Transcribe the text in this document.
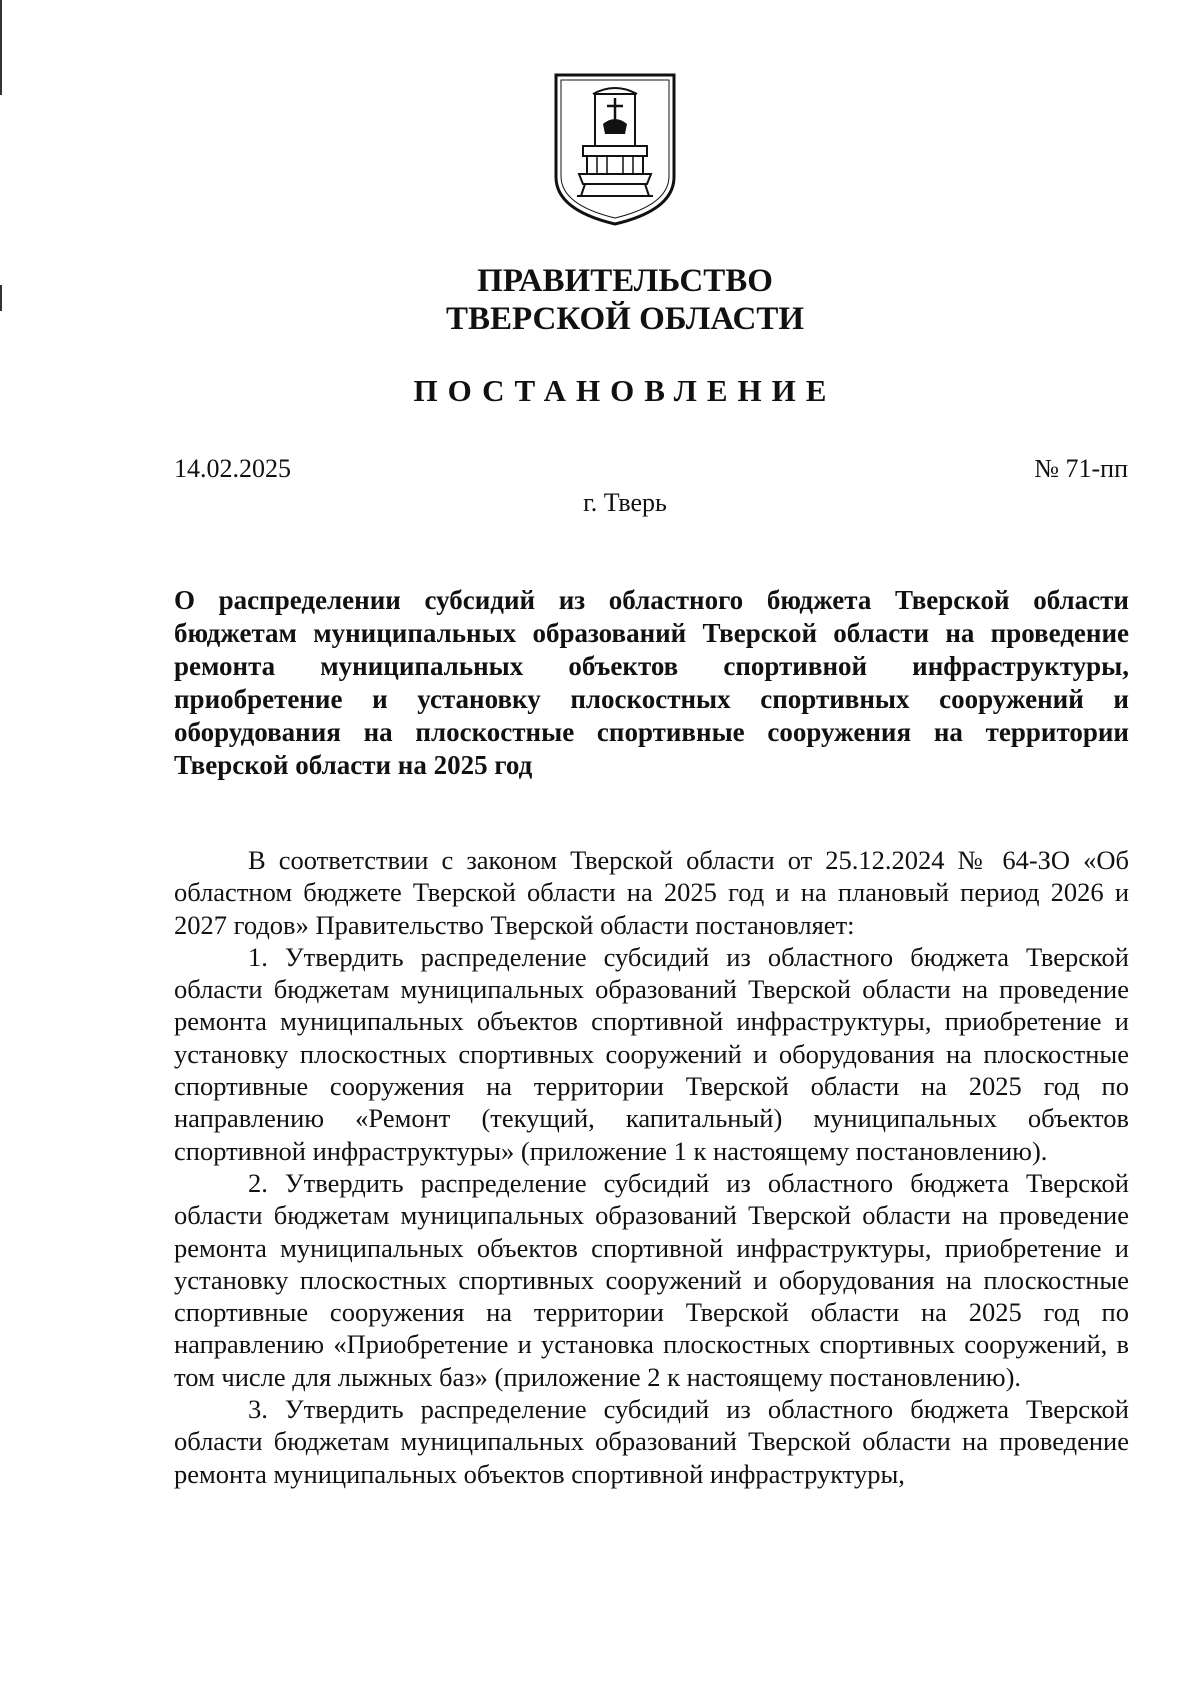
ПРАВИТЕЛЬСТВО
ТВЕРСКОЙ ОБЛАСТИ
ПОСТАНОВЛЕНИЕ
14.02.2025	№ 71-пп
г. Тверь
О распределении субсидий из областного бюджета Тверской области бюджетам муниципальных образований Тверской области на проведение ремонта муниципальных объектов спортивной инфраструктуры, приобретение и установку плоскостных спортивных сооружений и оборудования на плоскостные спортивные сооружения на территории Тверской области на 2025 год

В соответствии с законом Тверской области от 25.12.2024 № 64-ЗО «Об областном бюджете Тверской области на 2025 год и на плановый период 2026 и 2027 годов» Правительство Тверской области постановляет:

1. Утвердить распределение субсидий из областного бюджета Тверской области бюджетам муниципальных образований Тверской области на проведение ремонта муниципальных объектов спортивной инфраструктуры, приобретение и установку плоскостных спортивных сооружений и оборудования на плоскостные спортивные сооружения на территории Тверской области на 2025 год по направлению «Ремонт (текущий, капитальный) муниципальных объектов спортивной инфраструктуры» (приложение 1 к настоящему постановлению).

2. Утвердить распределение субсидий из областного бюджета Тверской области бюджетам муниципальных образований Тверской области на проведение ремонта муниципальных объектов спортивной инфраструктуры, приобретение и установку плоскостных спортивных сооружений и оборудования на плоскостные спортивные сооружения на территории Тверской области на 2025 год по направлению «Приобретение и установка плоскостных спортивных сооружений, в том числе для лыжных баз» (приложение 2 к настоящему постановлению).

3. Утвердить распределение субсидий из областного бюджета Тверской области бюджетам муниципальных образований Тверской области на проведение ремонта муниципальных объектов спортивной инфраструктуры,
